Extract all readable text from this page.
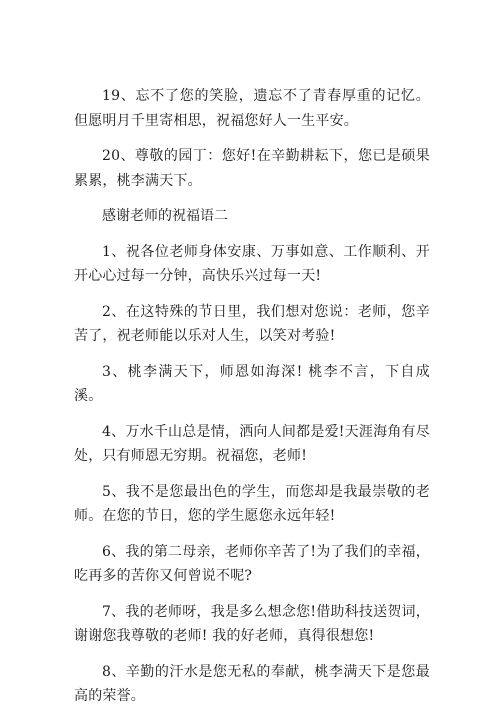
19、忘不了您的笑脸，遗忘不了青春厚重的记忆。但愿明月千里寄相思，祝福您好人一生平安。

20、尊敬的园丁：您好!在辛勤耕耘下，您已是硕果累累，桃李满天下。

感谢老师的祝福语二

1、祝各位老师身体安康、万事如意、工作顺利、开开心心过每一分钟，高快乐兴过每一天!

2、在这特殊的节日里，我们想对您说：老师，您辛苦了，祝老师能以乐对人生，以笑对考验!

3、桃李满天下，师恩如海深! 桃李不言，下自成溪。

4、万水千山总是情，洒向人间都是爱!天涯海角有尽处，只有师恩无穷期。祝福您，老师!

5、我不是您最出色的学生，而您却是我最崇敬的老师。在您的节日，您的学生愿您永远年轻!

6、我的第二母亲，老师你辛苦了!为了我们的幸福，吃再多的苦你又何曾说不呢?

7、我的老师呀，我是多么想念您!借助科技送贺词，谢谢您我尊敬的老师! 我的好老师，真得很想您!

8、辛勤的汗水是您无私的奉献，桃李满天下是您最高的荣誉。
